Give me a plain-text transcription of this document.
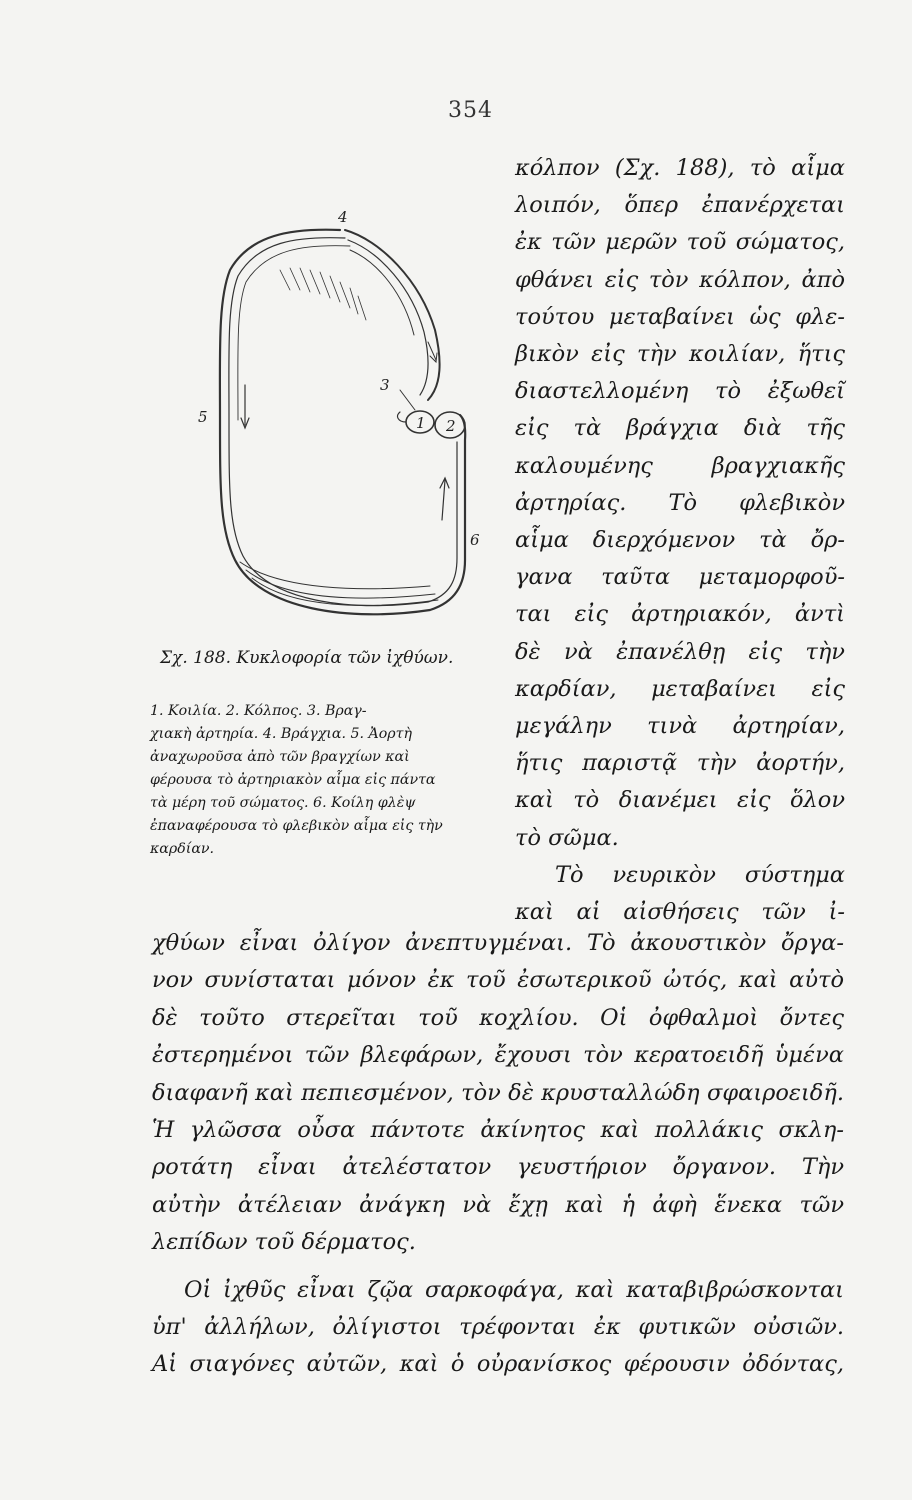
354
4
3
5	1 2
6
Σχ. 188. Κυκλοφορία τῶν ἰχθύων.
1. Κοιλία. 2. Κόλπος. 3. Βραγ-
χιακὴ ἀρτηρία. 4. Βράγχια. 5. Ἀορτὴ
ἀναχωροῦσα ἀπὸ τῶν βραγχίων καὶ
φέρουσα τὸ ἀρτηριακὸν αἷμα εἰς πάντα
τὰ μέρη τοῦ σώματος. 6. Κοίλη φλὲψ
ἐπαναφέρουσα τὸ φλεβικὸν αἷμα εἰς τὴν
καρδίαν.
κόλπον (Σχ. 188), τὸ αἷμα
λοιπόν, ὅπερ ἐπανέρχεται
ἐκ τῶν μερῶν τοῦ σώματος,
φθάνει εἰς τὸν κόλπον, ἀπὸ
τούτου μεταβαίνει ὡς φλε-
βικὸν εἰς τὴν κοιλίαν, ἥτις
διαστελλομένη τὸ ἐξωθεῖ
εἰς τὰ βράγχια διὰ τῆς
καλουμένης βραγχιακῆς
ἀρτηρίας. Τὸ φλεβικὸν
αἷμα διερχόμενον τὰ ὄρ-
γανα ταῦτα μεταμορφοῦ-
ται εἰς ἀρτηριακόν, ἀντὶ
δὲ νὰ ἐπανέλθῃ εἰς τὴν
καρδίαν, μεταβαίνει εἰς
μεγάλην τινὰ ἀρτηρίαν,
ἥτις παριστᾷ τὴν ἀορτήν,
καὶ τὸ διανέμει εἰς ὅλον
τὸ σῶμα.
Τὸ νευρικὸν σύστημα
καὶ αἱ αἰσθήσεις τῶν ἰ-
χθύων εἶναι ὀλίγον ἀνεπτυγμέναι. Τὸ ἀκουστικὸν ὄργα-
νον συνίσταται μόνον ἐκ τοῦ ἐσωτερικοῦ ὠτός, καὶ αὐτὸ
δὲ τοῦτο στερεῖται τοῦ κοχλίου. Οἱ ὀφθαλμοὶ ὄντες
ἐστερημένοι τῶν βλεφάρων, ἔχουσι τὸν κερατοειδῆ ὑμένα
διαφανῆ καὶ πεπιεσμένον, τὸν δὲ κρυσταλλώδη σφαιροειδῆ.
Ἡ γλῶσσα οὖσα πάντοτε ἀκίνητος καὶ πολλάκις σκλη-
ροτάτη εἶναι ἀτελέστατον γευστήριον ὄργανον. Τὴν
αὐτὴν ἀτέλειαν ἀνάγκη νὰ ἔχῃ καὶ ἡ ἀφὴ ἕνεκα τῶν
λεπίδων τοῦ δέρματος.
Οἱ ἰχθῦς εἶναι ζῷα σαρκοφάγα, καὶ καταβιβρώσκονται
ὑπ' ἀλλήλων, ὀλίγιστοι τρέφονται ἐκ φυτικῶν οὐσιῶν.
Αἱ σιαγόνες αὐτῶν, καὶ ὁ οὐρανίσκος φέρουσιν ὀδόντας,
